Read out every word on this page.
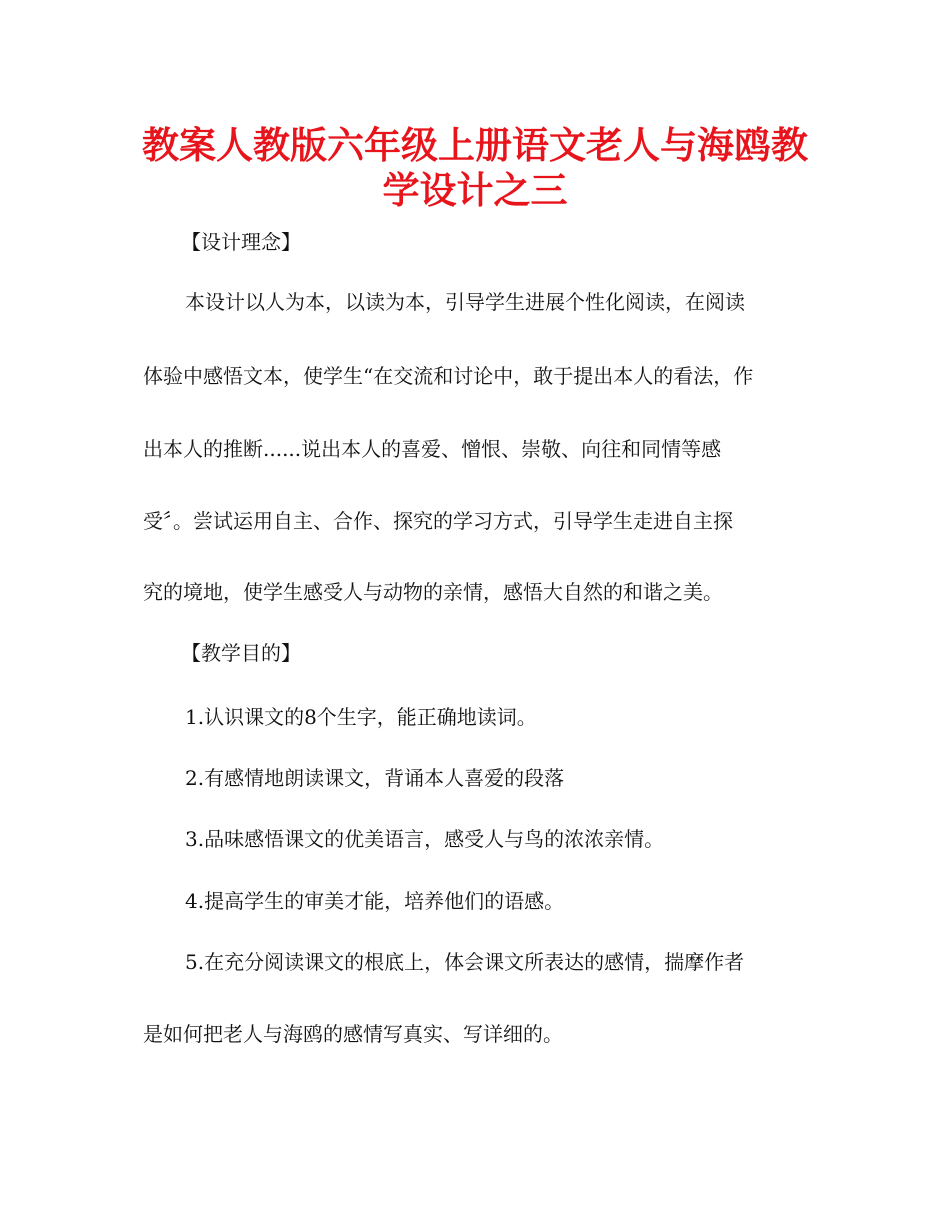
教案人教版六年级上册语文老人与海鸥教
学设计之三
【设计理念】
本设计以人为本，以读为本，引导学生进展个性化阅读，在阅读
体验中感悟文本，使学生“在交流和讨论中，敢于提出本人的看法，作
出本人的推断......说出本人的喜爱、憎恨、崇敬、向往和同情等感
受〞。尝试运用自主、合作、探究的学习方式，引导学生走进自主探
究的境地，使学生感受人与动物的亲情，感悟大自然的和谐之美。
【教学目的】
1.认识课文的8个生字，能正确地读词。
2.有感情地朗读课文，背诵本人喜爱的段落
3.品味感悟课文的优美语言，感受人与鸟的浓浓亲情。
4.提高学生的审美才能，培养他们的语感。
5.在充分阅读课文的根底上，体会课文所表达的感情，揣摩作者
是如何把老人与海鸥的感情写真实、写详细的。
